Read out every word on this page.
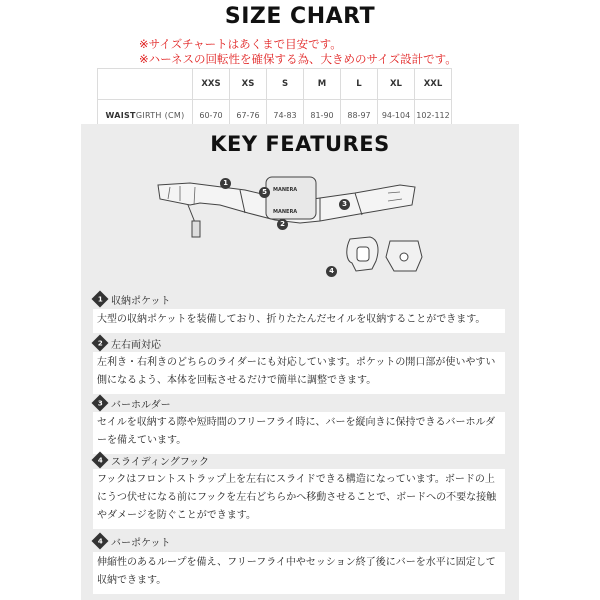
SIZE CHART
※サイズチャートはあくまで目安です。
※ハーネスの回転性を確保する為、大きめのサイズ設計です。
	XXS	XS	S	M	L	XL	XXL
WAISTGIRTH (CM)	60-70	67-76	74-83	81-90	88-97	94-104	102-112
KEY FEATURES
MANERA
MANERA
1
2
3
4
5
1 収納ポケット
大型の収納ポケットを装備しており、折りたたんだセイルを収納することができます。
2 左右両対応
左利き・右利きのどちらのライダーにも対応しています。ポケットの開口部が使いやすい側になるよう、本体を回転させるだけで簡単に調整できます。
3 バーホルダー
セイルを収納する際や短時間のフリーフライ時に、バーを縦向きに保持できるバーホルダーを備えています。
4 スライディングフック
フックはフロントストラップ上を左右にスライドできる構造になっています。ボードの上にうつ伏せになる前にフックを左右どちらかへ移動させることで、ボードへの不要な接触やダメージを防ぐことができます。
4 バーポケット
伸縮性のあるループを備え、フリーフライ中やセッション終了後にバーを水平に固定して収納できます。
